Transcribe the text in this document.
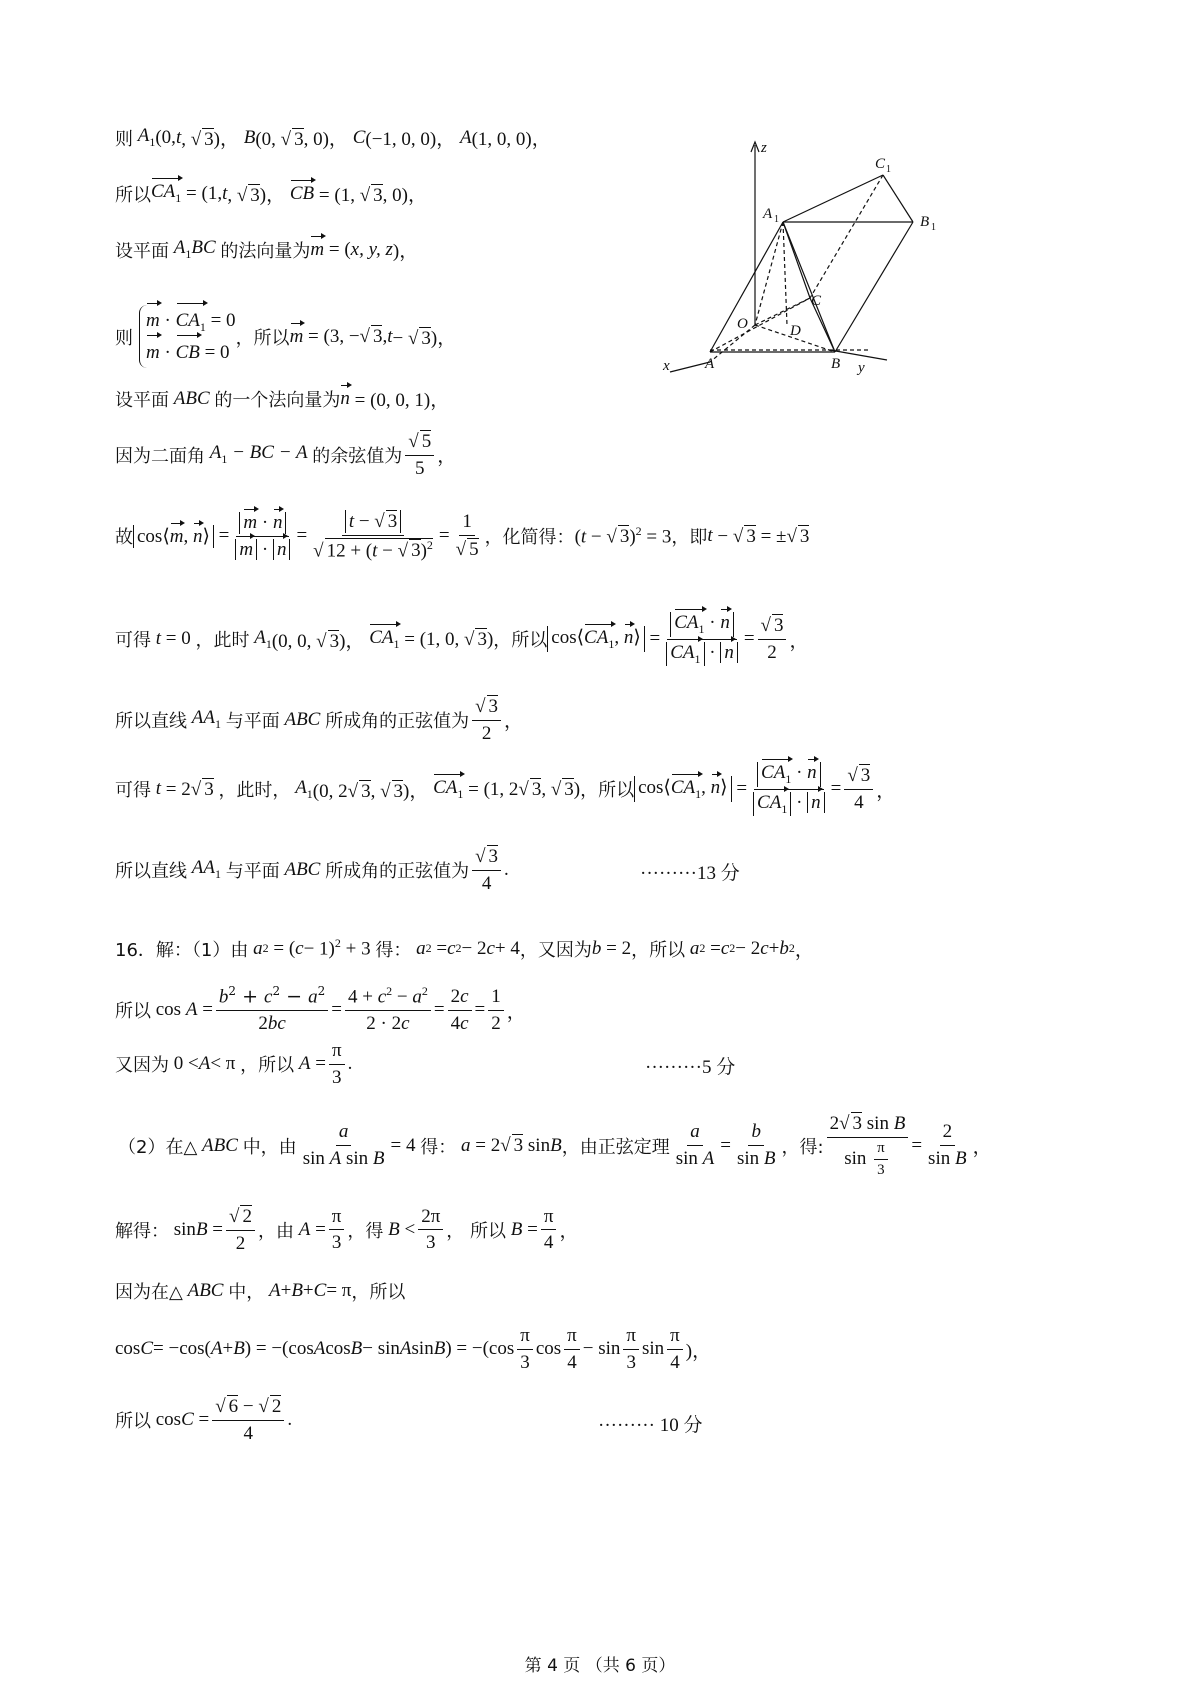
则 $A_1$ (0, t , √ 3)， B (0, √ 3, 0)， C (−1, 0, 0)， A (1, 0, 0)，
所以 $CA_1 = (1$, t , √ 3)， CB = (1, √ 3, 0)，
设平面 $A_1BC$ 的法向量为 m = ( x, y, z )，
则
$m \cdot CA_1 = 0$
m · CB = 0
，所以 m = (3, −√ 3, t − √ 3)，
设平面 ABC 的一个法向量为 n = (0, 0, 1)，
因为二面角 $A_1$ − BC − A 的余弦值为 $\frac{√ 5}{5}$ ，
故 cos⟨m, n⟩ = $\frac{m \cdot n}{m \cdot n} = \frac{t - √ 3}{√ 12 + (t - √ 3)^2} = \frac{1}{√ 5}$ ，化简得： (t − √ 3)$^2$ = 3 ，即 t − √ 3 = ±√ 3
可得 t = 0 ，此时 $A_1$ (0, 0, √ 3)， $CA_1 = (1$, 0, √ 3) ，所以 $\cos⟨CA_1$, n⟩ = $\frac{CA_1 \cdot n}{CA_1 \cdot n} = \frac{√ 3}{2}$ ，
所以直线 $AA_1$ 与平面 ABC 所成角的正弦值为 $\frac{√ 3}{2}$ ，
可得 t = 2√ 3 ，此时， $A_1$ (0, 2√ 3, √ 3)， $CA_1 = (1$, 2√ 3, √ 3) ，所以 $\cos⟨CA_1$, n⟩ = $\frac{CA_1 \cdot n}{CA_1 \cdot n} = \frac{√ 3}{4}$ ，
所以直线 $AA_1$ 与平面 ABC 所成角的正弦值为 $\frac{√ 3}{4}$ .	·········13 分
16．解：（1）由 a 2 = ( c − 1)$^2$ + 3 得： a 2 = c 2 − 2 c + 4 ，又因为 b = 2 ，所以 a 2 = c 2 − 2 c + b 2 ，
所以 $\cos A = \frac{b^2 + c^2 - a^2}{2bc} = \frac{4 + c^2 - a^2}{2 \cdot 2c} = \frac{2c}{4c} = \frac{1}{2}$ ，
又因为 0 < A < π ，所以 $A = \frac{\pi}{3}$ .	·········5 分
（2）在△ ABC 中，由 $\frac{a}{\text{sin A sin B}} = 4$ 得： a = 2√ 3 sin B ，由正弦定理 $\frac{a}{\text{sin A}} = \frac{b}{\text{sin B}}$ ，得: $\frac{\text{2√ 3 sin B}}{\sin \frac{\pi}{3}} = \frac{2}{\text{sin B}}$ ，
解得： $\sin B = \frac{√ 2}{2}$ ，由 $A = \frac{\pi}{3}$ ，得 $B < \frac{2\pi}{3}$ ， 所以 $B = \frac{\pi}{4}$ ，
因为在△ ABC 中， A + B + C = π ，所以
cos C = −cos( A + B ) = −(cos A cos B − sin A sin B ) = $-(\cos \frac{\pi}{3}$ $\cos \frac{\pi}{4} - \sin \frac{\pi}{3}$ $\sin \frac{\pi}{4}$ )，
所以 $\cos C = \frac{√ 6 - √ 2}{4}$ .	········· 10 分
z
C 1
B 1
A 1
C
O	D
x A	B y
第 4 页 （共 6 页）
